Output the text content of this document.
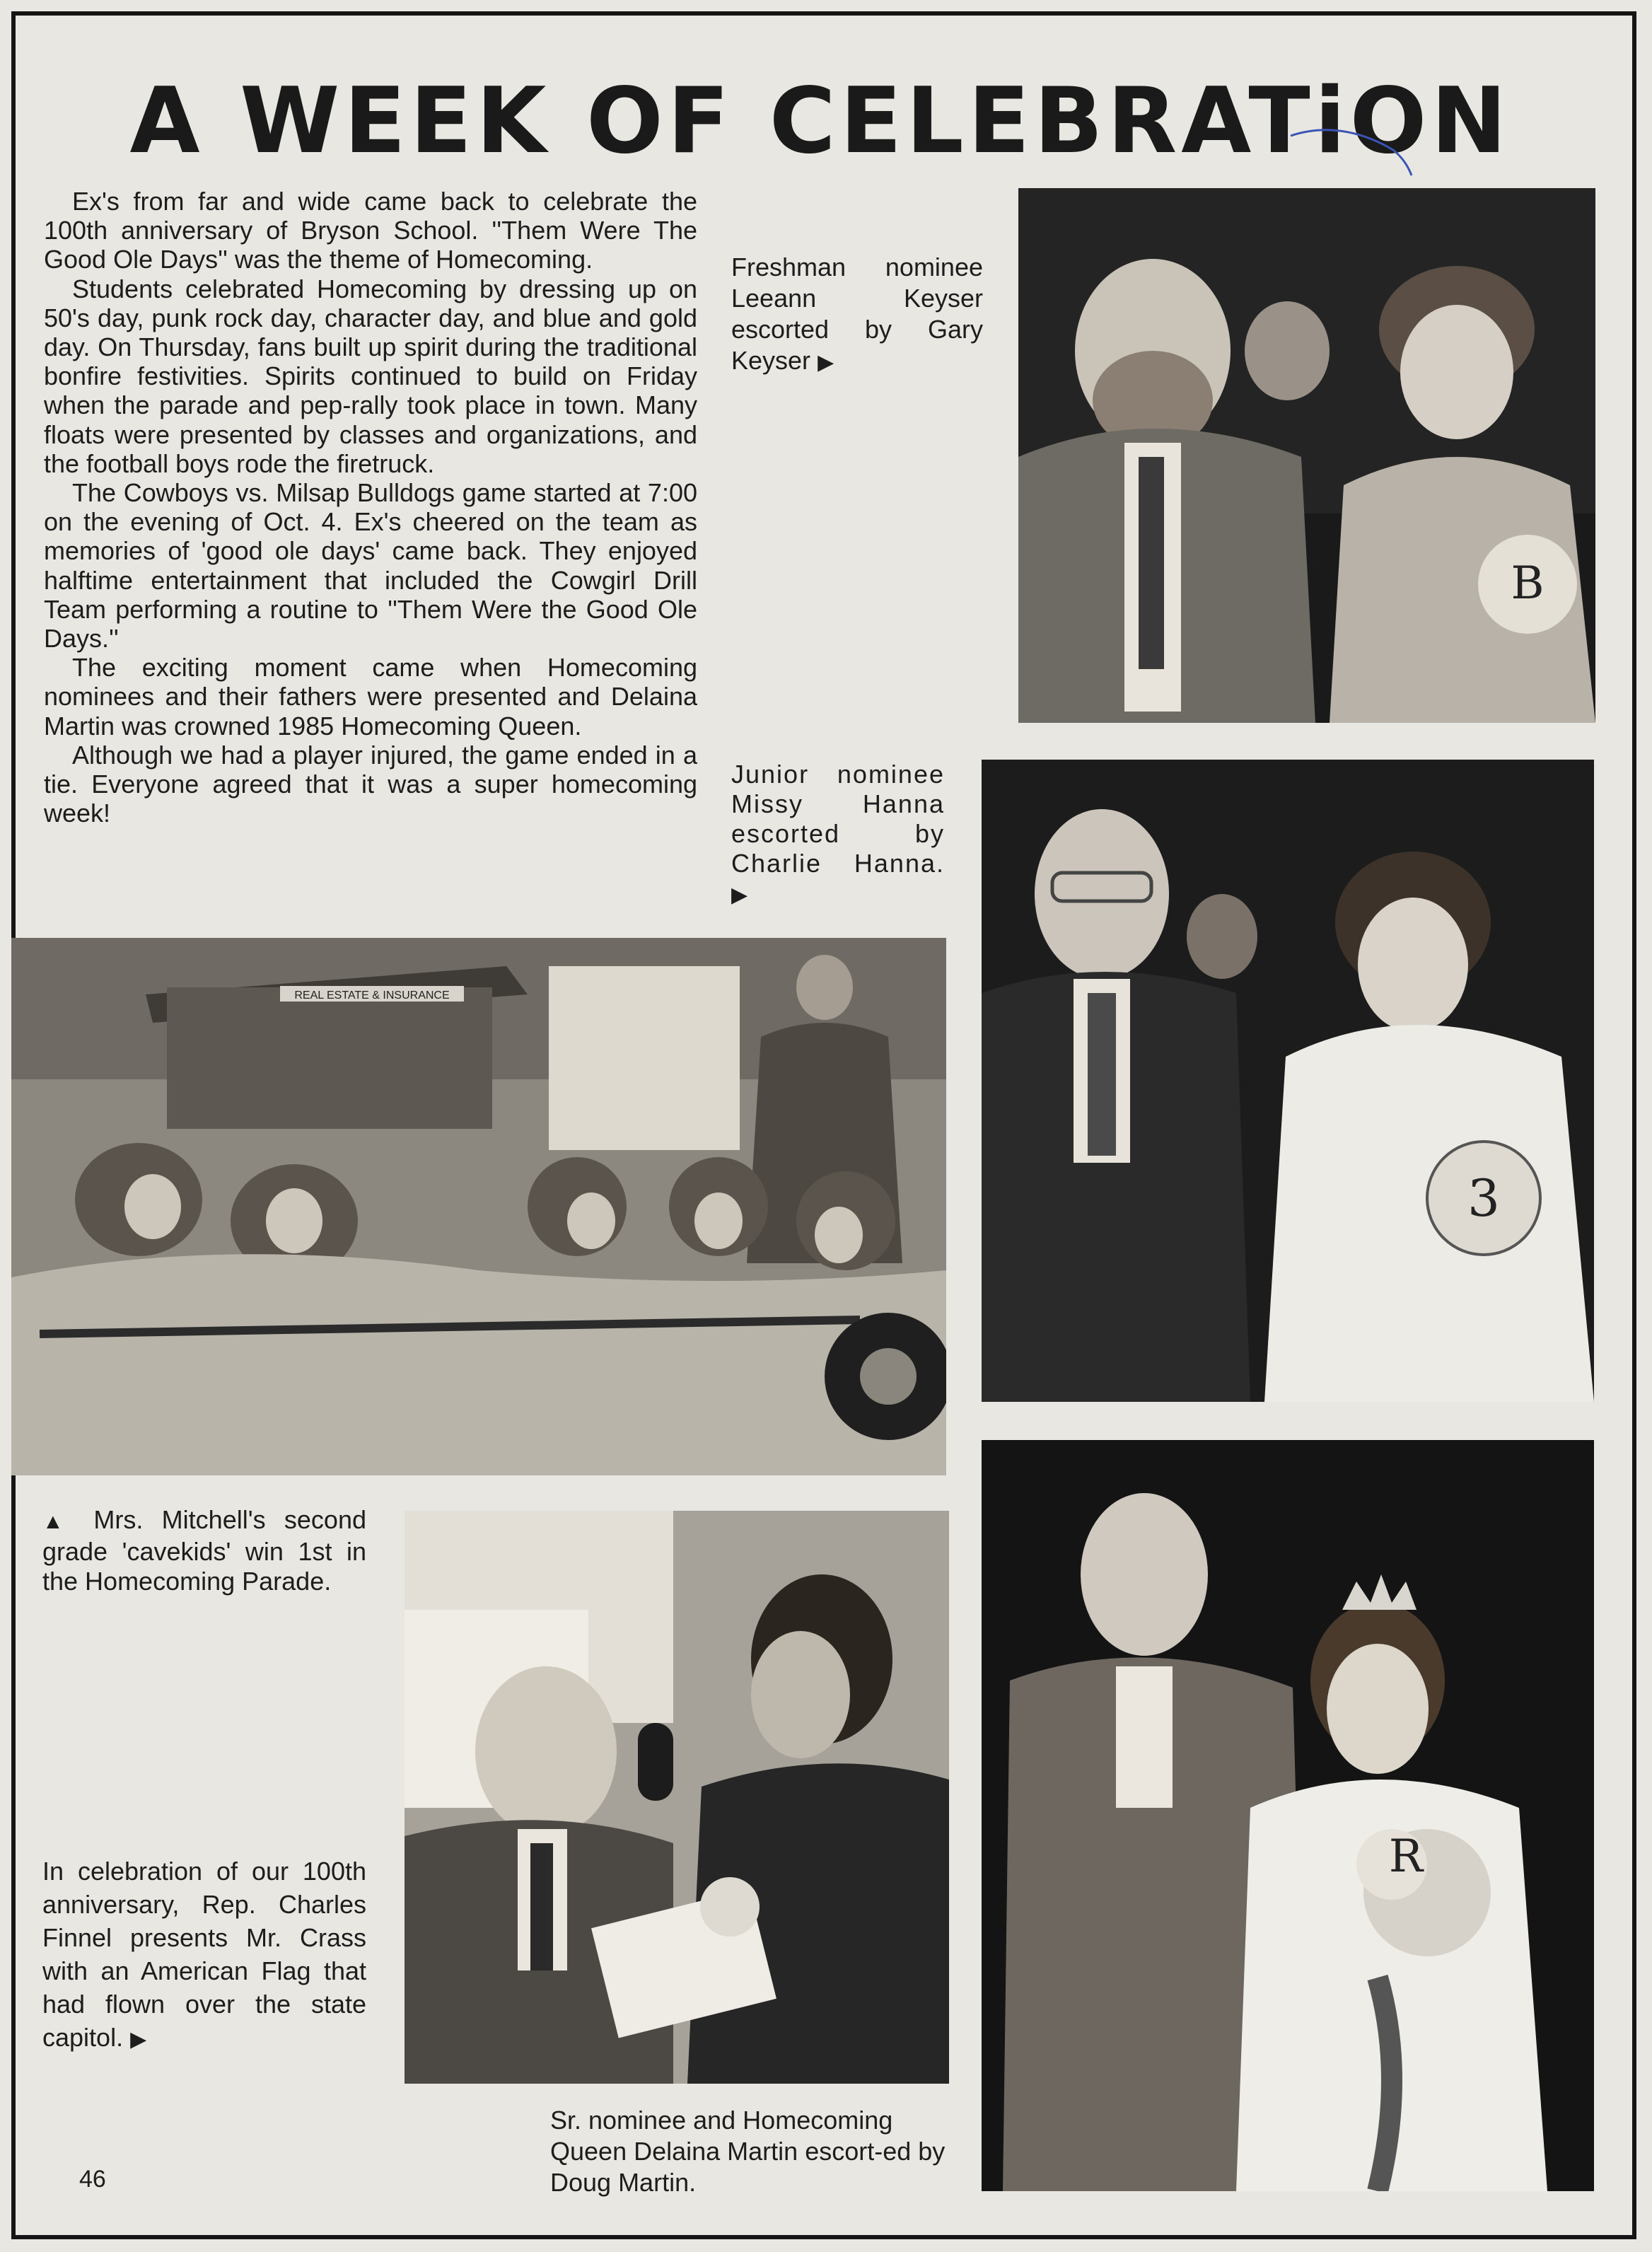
A WEEK OF CELEBRATiON

Ex's from far and wide came back to celebrate the 100th anniversary of Bryson School. ''Them Were The Good Ole Days'' was the theme of Homecoming.

Students celebrated Homecoming by dressing up on 50's day, punk rock day, character day, and blue and gold day. On Thursday, fans built up spirit during the traditional bonfire festivities. Spirits continued to build on Friday when the parade and pep-rally took place in town. Many floats were presented by classes and organizations, and the football boys rode the firetruck.

The Cowboys vs. Milsap Bulldogs game started at 7:00 on the evening of Oct. 4. Ex's cheered on the team as memories of 'good ole days' came back. They enjoyed halftime entertainment that included the Cowgirl Drill Team performing a routine to ''Them Were the Good Ole Days.''

The exciting moment came when Homecoming nominees and their fathers were presented and Delaina Martin was crowned 1985 Homecoming Queen.

Although we had a player injured, the game ended in a tie. Everyone agreed that it was a super homecoming week!

B

Freshman nominee Leeann Keyser escorted by Gary Keyser ▶

3

Junior nominee Missy Hanna escorted by Charlie Hanna. ▶

REAL ESTATE & INSURANCE

▲ Mrs. Mitchell's second grade 'cavekids' win 1st in the Homecoming Parade.

In celebration of our 100th anniversary, Rep. Charles Finnel presents Mr. Crass with an American Flag that had flown over the state capitol. ▶

R

Sr. nominee and Homecoming Queen Delaina Martin escort-ed by Doug Martin.

46
